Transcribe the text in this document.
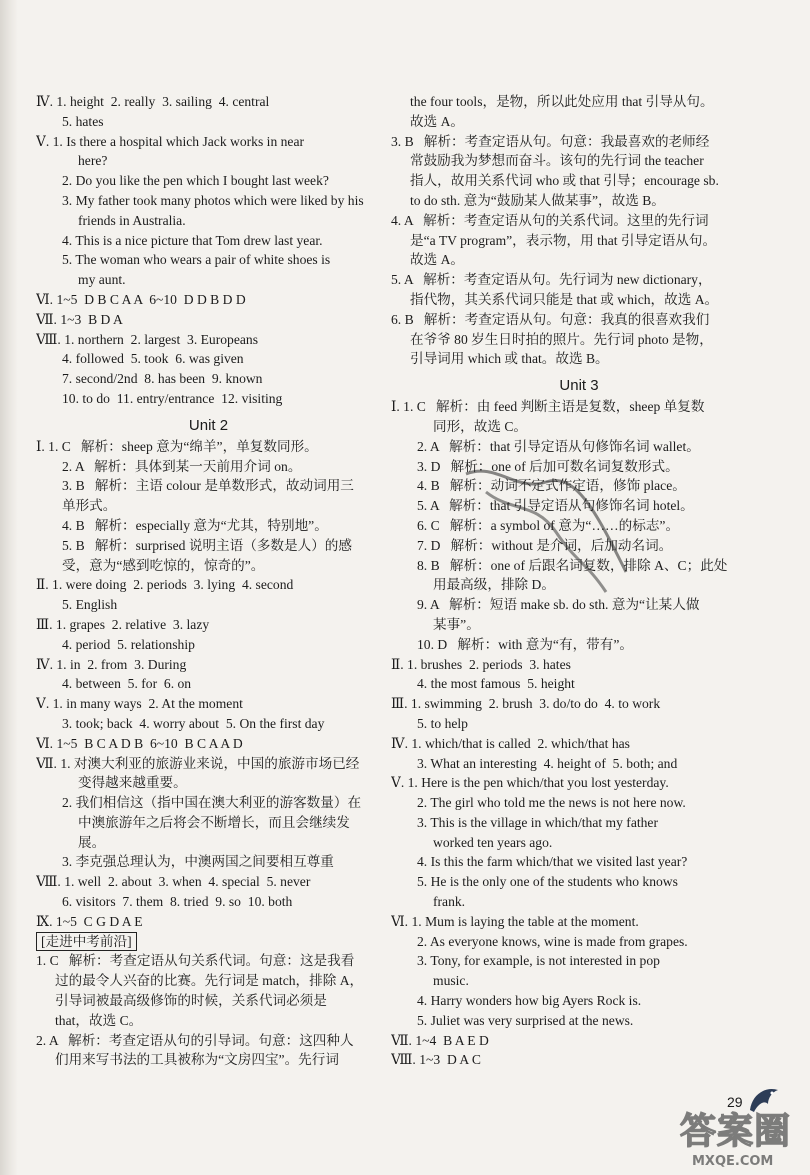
Ⅳ. 1. height  2. really  3. sailing  4. central
5. hates
Ⅴ. 1. Is there a hospital which Jack works in near
here?
2. Do you like the pen which I bought last week?
3. My father took many photos which were liked by his
friends in Australia.
4. This is a nice picture that Tom drew last year.
5. The woman who wears a pair of white shoes is
my aunt.
Ⅵ. 1~5  D B C A A  6~10  D D B D D
Ⅶ. 1~3  B D A
Ⅷ. 1. northern  2. largest  3. Europeans
4. followed  5. took  6. was given
7. second/2nd  8. has been  9. known
10. to do  11. entry/entrance  12. visiting
Unit 2
Ⅰ. 1. C   解析：sheep 意为“绵羊”，单复数同形。
2. A   解析：具体到某一天前用介词 on。
3. B   解析：主语 colour 是单数形式，故动词用三
单形式。
4. B   解析：especially 意为“尤其，特别地”。
5. B   解析：surprised 说明主语（多数是人）的感
受，意为“感到吃惊的，惊奇的”。
Ⅱ. 1. were doing  2. periods  3. lying  4. second
5. English
Ⅲ. 1. grapes  2. relative  3. lazy
4. period  5. relationship
Ⅳ. 1. in  2. from  3. During
4. between  5. for  6. on
Ⅴ. 1. in many ways  2. At the moment
3. took; back  4. worry about  5. On the first day
Ⅵ. 1~5  B C A D B  6~10  B C A A D
Ⅶ. 1. 对澳大利亚的旅游业来说，中国的旅游市场已经
变得越来越重要。
2. 我们相信这（指中国在澳大利亚的游客数量）在
中澳旅游年之后将会不断增长，而且会继续发
展。
3. 李克强总理认为，中澳两国之间要相互尊重
Ⅷ. 1. well  2. about  3. when  4. special  5. never
6. visitors  7. them  8. tried  9. so  10. both
Ⅸ. 1~5  C G D A E
[走进中考前沿]
1. C   解析：考查定语从句关系代词。句意：这是我看
过的最令人兴奋的比赛。先行词是 match，排除 A，
引导词被最高级修饰的时候，关系代词必须是
that，故选 C。
2. A   解析：考查定语从句的引导词。句意：这四种人
们用来写书法的工具被称为“文房四宝”。先行词
the four tools，是物，所以此处应用 that 引导从句。
故选 A。
3. B   解析：考查定语从句。句意：我最喜欢的老师经
常鼓励我为梦想而奋斗。该句的先行词 the teacher
指人，故用关系代词 who 或 that 引导；encourage sb.
to do sth. 意为“鼓励某人做某事”，故选 B。
4. A   解析：考查定语从句的关系代词。这里的先行词
是“a TV program”，表示物，用 that 引导定语从句。
故选 A。
5. A   解析：考查定语从句。先行词为 new dictionary，
指代物，其关系代词只能是 that 或 which，故选 A。
6. B   解析：考查定语从句。句意：我真的很喜欢我们
在爷爷 80 岁生日时拍的照片。先行词 photo 是物，
引导词用 which 或 that。故选 B。
Unit 3
Ⅰ. 1. C   解析：由 feed 判断主语是复数，sheep 单复数
同形，故选 C。
2. A   解析：that 引导定语从句修饰名词 wallet。
3. D   解析：one of 后加可数名词复数形式。
4. B   解析：动词不定式作定语，修饰 place。
5. A   解析：that 引导定语从句修饰名词 hotel。
6. C   解析：a symbol of 意为“……的标志”。
7. D   解析：without 是介词，后加动名词。
8. B   解析：one of 后跟名词复数，排除 A、C；此处
用最高级，排除 D。
9. A   解析：短语 make sb. do sth. 意为“让某人做
某事”。
10. D   解析：with 意为“有，带有”。
Ⅱ. 1. brushes  2. periods  3. hates
4. the most famous  5. height
Ⅲ. 1. swimming  2. brush  3. do/to do  4. to work
5. to help
Ⅳ. 1. which/that is called  2. which/that has
3. What an interesting  4. height of  5. both; and
Ⅴ. 1. Here is the pen which/that you lost yesterday.
2. The girl who told me the news is not here now.
3. This is the village in which/that my father
worked ten years ago.
4. Is this the farm which/that we visited last year?
5. He is the only one of the students who knows
frank.
Ⅵ. 1. Mum is laying the table at the moment.
2. As everyone knows, wine is made from grapes.
3. Tony, for example, is not interested in pop
music.
4. Harry wonders how big Ayers Rock is.
5. Juliet was very surprised at the news.
Ⅶ. 1~4  B A E D
Ⅷ. 1~3  D A C
29
答案圈
MXQE.COM
